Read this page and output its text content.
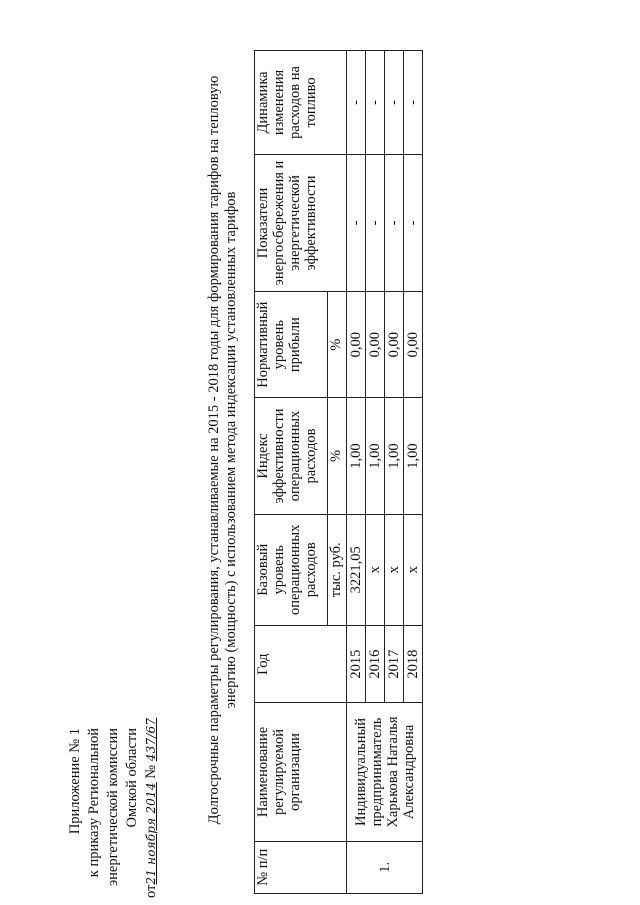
Приложение № 1 к приказу Региональной энергетической комиссии Омской области
от21 ноября 2014 № 437/67	Долгосрочные параметры регулирования, устанавливаемые на 2015 - 2018 годы для формирования тарифов на тепловую энергию (мощность) с использованием метода индексации установленных тарифов
№ п/п	Наименование регулируемой организации	Год	Базовый уровень операционных расходов	Индекс эффективности операционных расходов	Нормативный уровень прибыли	Показатели энергосбережения и энергетической эффективности	Динамика изменения расходов на топливо
			тыс. руб.	%	%		
1.	Индивидуальный предприниматель Харькова Наталья Александровна	2015	3221,05	1,00	0,00	-	-
		2016	x	1,00	0,00	-	-
		2017	x	1,00	0,00	-	-
		2018	x	1,00	0,00	-	-
